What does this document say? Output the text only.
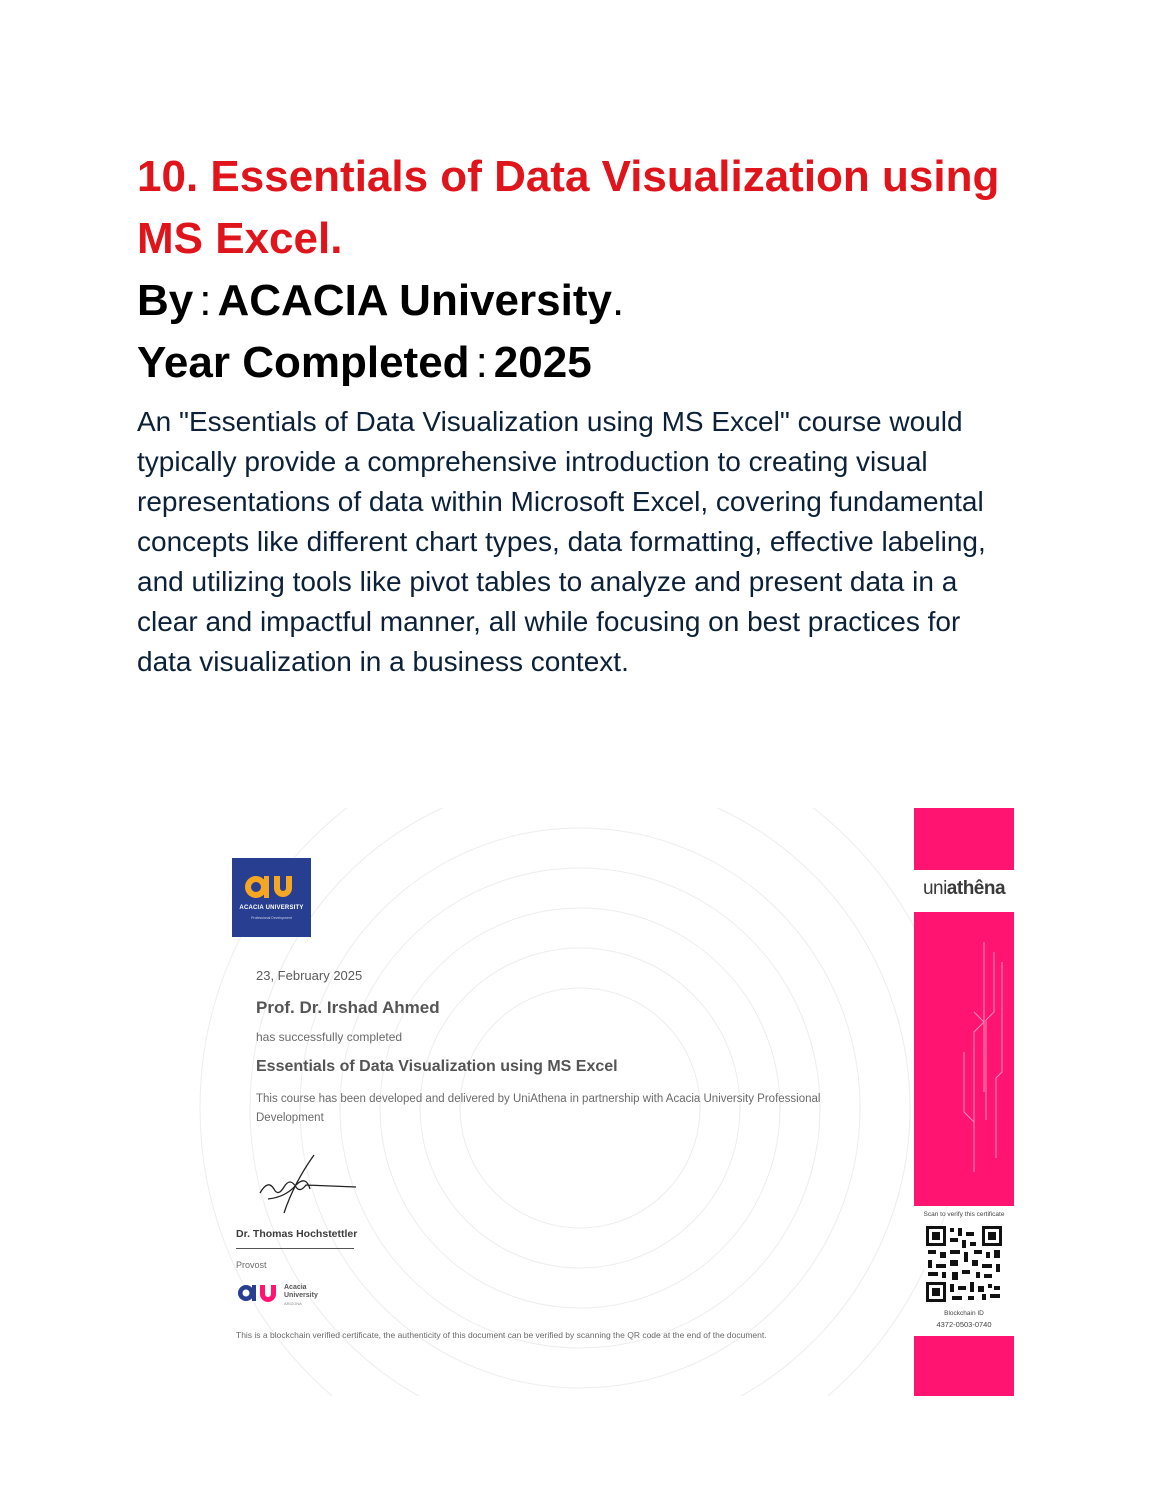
10. Essentials of Data Visualization using MS Excel.

By : ACACIA University.

Year Completed : 2025

An "Essentials of Data Visualization using MS Excel" course would typically provide a comprehensive introduction to creating visual representations of data within Microsoft Excel, covering fundamental concepts like different chart types, data formatting, effective labeling, and utilizing tools like pivot tables to analyze and present data in a clear and impactful manner, all while focusing on best practices for data visualization in a business context.

ACACIA UNIVERSITY
Professional Development
23, February 2025
Prof. Dr. Irshad Ahmed
has successfully completed
Essentials of Data Visualization using MS Excel
This course has been developed and delivered by UniAthena in partnership with Acacia University Professional Development
Dr. Thomas Hochstettler
Provost
Acacia
University
ARIZONA
This is a blockchain verified certificate, the authenticity of this document can be verified by scanning the QR code at the end of the document.
uniathêna
Scan to verify this certificate
Blockchain ID
4372-0503-0740
